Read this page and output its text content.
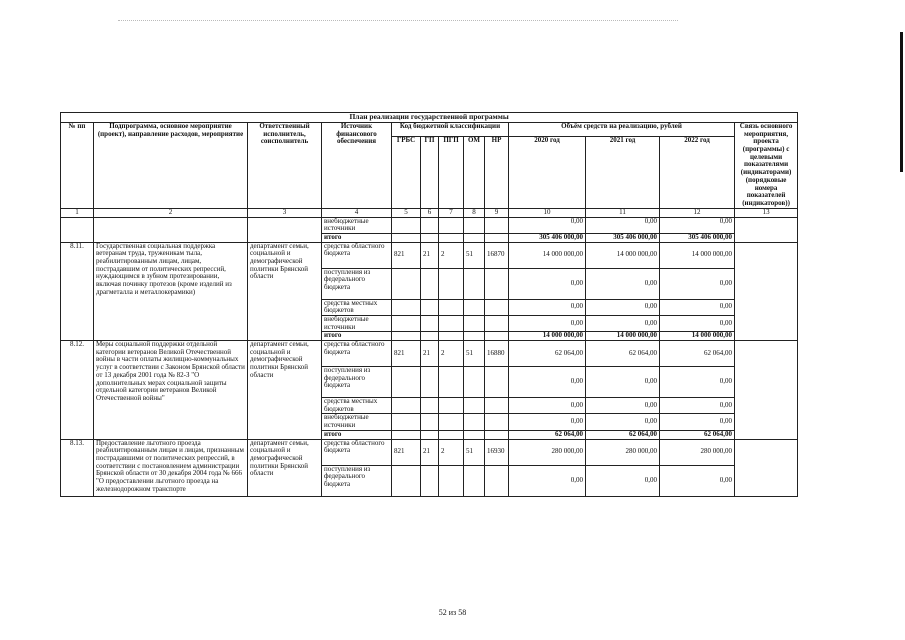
План реализации государственной программы												
№ пп	Подпрограмма, основное мероприятие (проект), направление расходов, мероприятие	Ответственный исполнитель, соисполнитель	Источник финансового обеспечения	Код бюджетной классификации					Объём средств на реализацию, рублей			Связь основного мероприятия, проекта (программы) с целевыми показателями (индикаторами) (порядковые номера показателей (индикаторов))
				ГРБС	ГП	ПГП	ОМ	НР	2020 год	2021 год	2022 год	
1	2	3	4	5	6	7	8	9	10	11	12	13
			внебюджетные источники						0,00	0,00	0,00	
			итого						305 406 000,00	305 406 000,00	305 406 000,00	
8.11.	Государственная социальная поддержка ветеранам труда, труженикам тыла, реабилитированным лицам, лицам, пострадавшим от политических репрессий, нуждающимся в зубном протезировании, включая починку протезов (кроме изделий из драгметалла и металлокерамики)	департамент семьи, социальной и демографической политики Брянской области	средства областного бюджета	821	21	2	51	16870	14 000 000,00	14 000 000,00	14 000 000,00	
			поступления из федерального бюджета						0,00	0,00	0,00	
			средства местных бюджетов						0,00	0,00	0,00	
			внебюджетные источники						0,00	0,00	0,00	
			итого						14 000 000,00	14 000 000,00	14 000 000,00	
8.12.	Меры социальной поддержки отдельной категории ветеранов Великой Отечественной войны в части оплаты жилищно-коммунальных услуг в соответствии с Законом Брянской области от 13 декабря 2001 года № 82-З "О дополнительных мерах социальной защиты отдельной категории ветеранов Великой Отечественной войны"	департамент семьи, социальной и демографической политики Брянской области	средства областного бюджета	821	21	2	51	16880	62 064,00	62 064,00	62 064,00	
			поступления из федерального бюджета						0,00	0,00	0,00	
			средства местных бюджетов						0,00	0,00	0,00	
			внебюджетные источники						0,00	0,00	0,00	
			итого						62 064,00	62 064,00	62 064,00	
8.13.	Предоставление льготного проезда реабилитированным лицам и лицам, признанным пострадавшими от политических репрессий, в соответствии с постановлением администрации Брянской области от 30 декабря 2004 года № 666 "О предоставлении льготного проезда на железнодорожном транспорте	департамент семьи, социальной и демографической политики Брянской области	средства областного бюджета	821	21	2	51	16930	280 000,00	280 000,00	280 000,00	
			поступления из федерального бюджета						0,00	0,00	0,00	
52 из 58
